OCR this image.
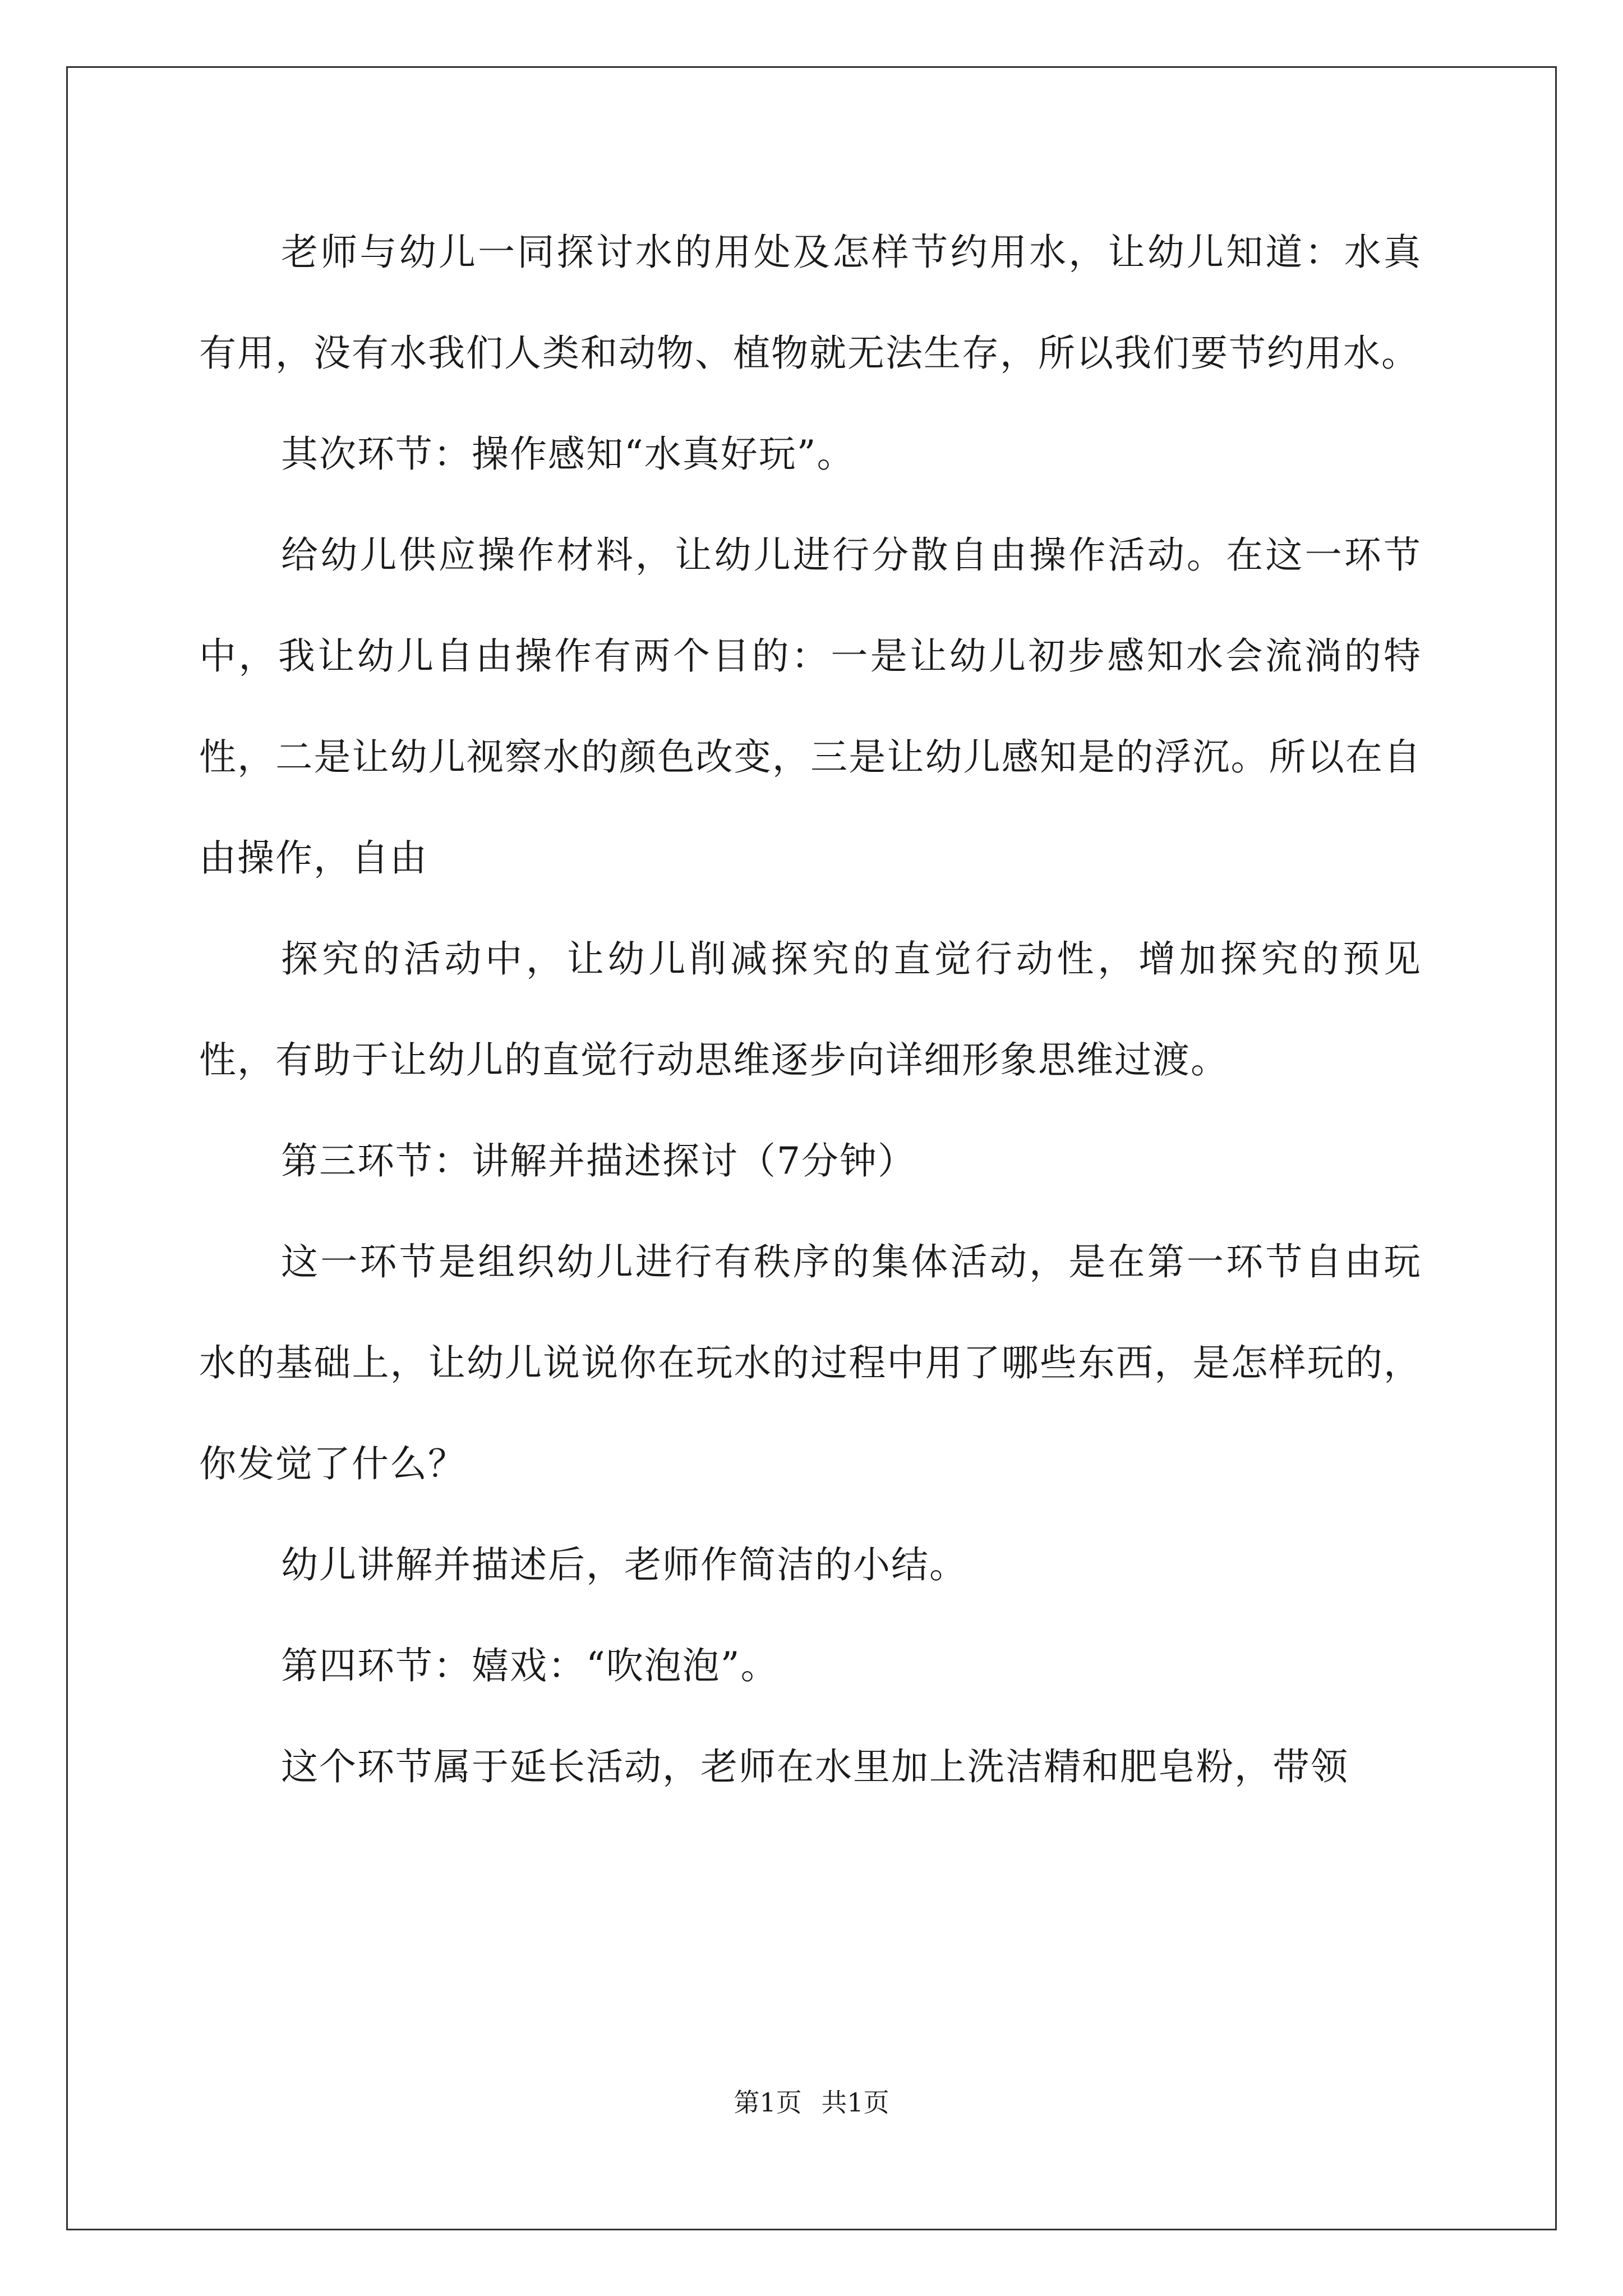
老师与幼儿一同探讨水的用处及怎样节约用水，让幼儿知道：水真有用，没有水我们人类和动物、植物就无法生存，所以我们要节约用水。

其次环节：操作感知“水真好玩”。

给幼儿供应操作材料，让幼儿进行分散自由操作活动。在这一环节中，我让幼儿自由操作有两个目的：一是让幼儿初步感知水会流淌的特性，二是让幼儿视察水的颜色改变，三是让幼儿感知是的浮沉。所以在自由操作，自由

探究的活动中，让幼儿削减探究的直觉行动性，增加探究的预见性，有助于让幼儿的直觉行动思维逐步向详细形象思维过渡。

第三环节：讲解并描述探讨（7分钟）

这一环节是组织幼儿进行有秩序的集体活动，是在第一环节自由玩水的基础上，让幼儿说说你在玩水的过程中用了哪些东西，是怎样玩的，你发觉了什么？

幼儿讲解并描述后，老师作简洁的小结。

第四环节：嬉戏：“吹泡泡”。

这个环节属于延长活动，老师在水里加上洗洁精和肥皂粉，带领

第1页 共1页
